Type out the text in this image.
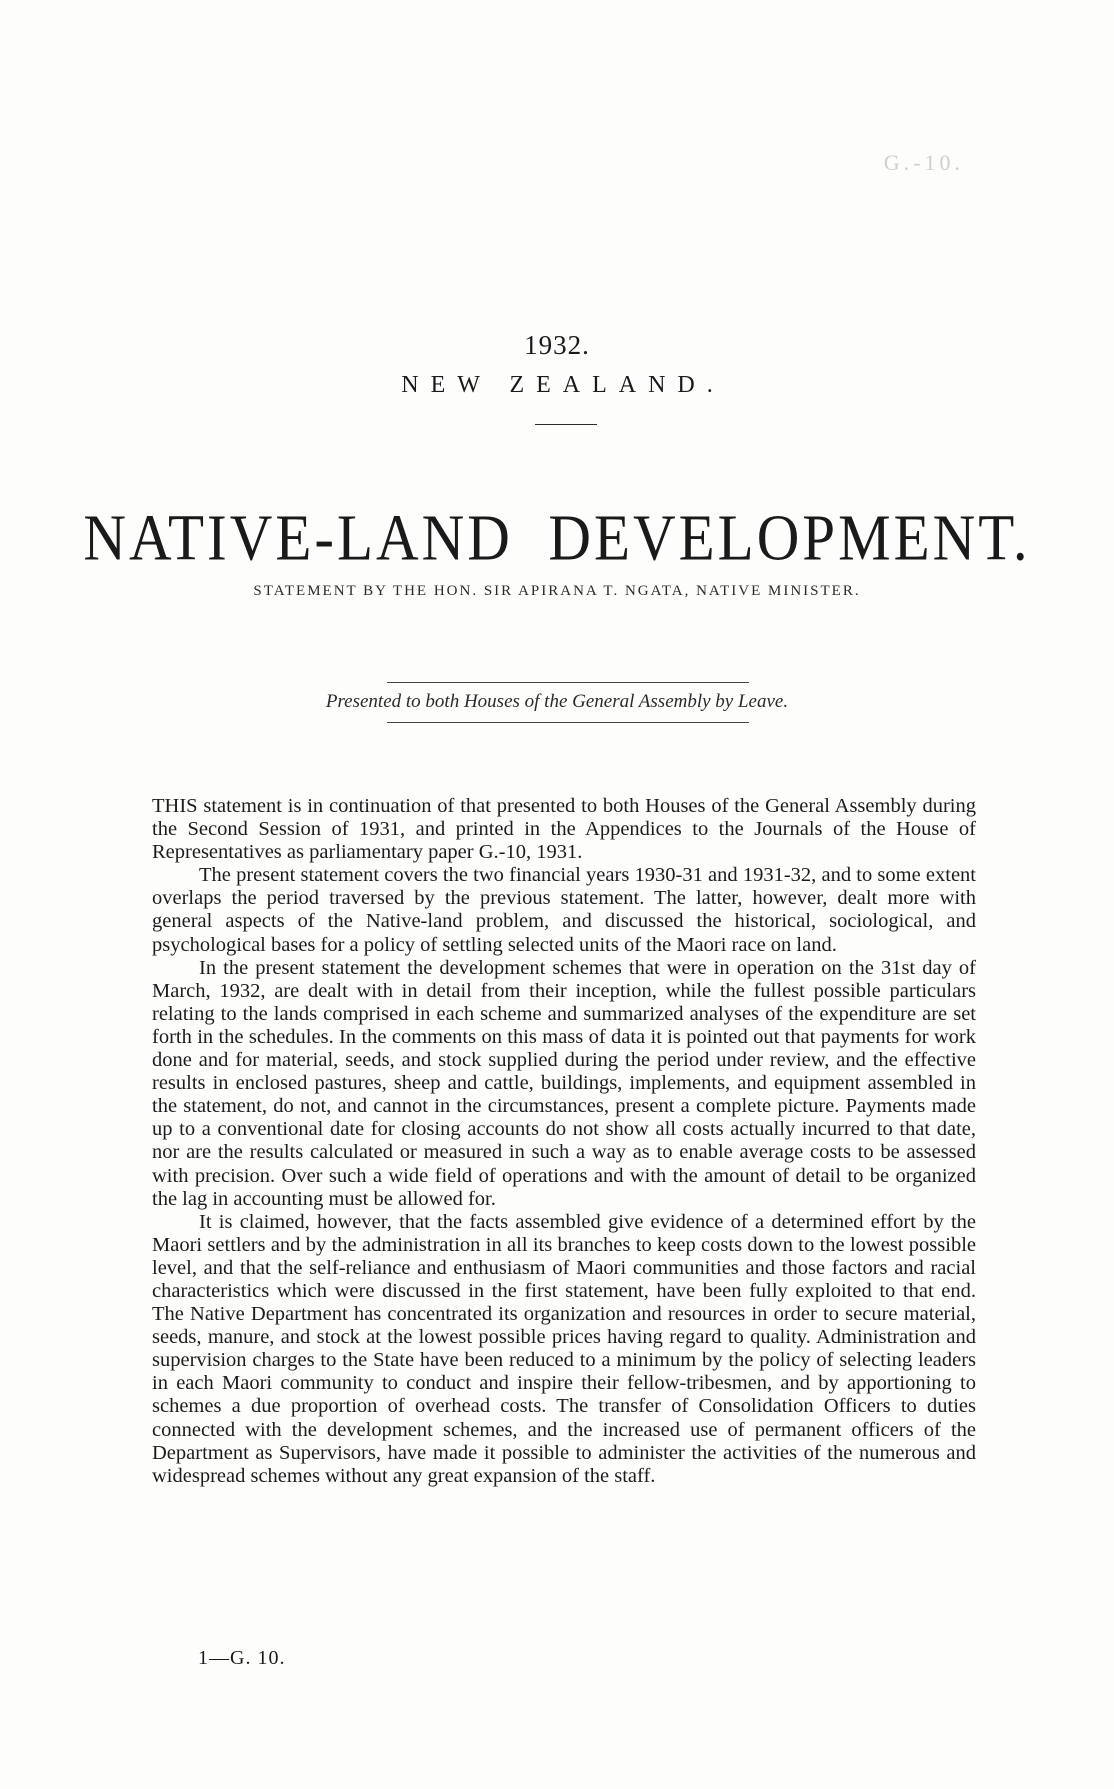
G.-10.
1932.
NEW ZEALAND.
NATIVE-LAND  DEVELOPMENT.
STATEMENT BY THE HON. SIR APIRANA T. NGATA, NATIVE MINISTER.
Presented to both Houses of the General Assembly by Leave.

THIS statement is in continuation of that presented to both Houses of the General Assembly during the Second Session of 1931, and printed in the Appendices to the Journals of the House of Representatives as parliamentary paper G.-10, 1931.

The present statement covers the two financial years 1930-31 and 1931-32, and to some extent overlaps the period traversed by the previous statement. The latter, however, dealt more with general aspects of the Native-land problem, and discussed the historical, sociological, and psychological bases for a policy of settling selected units of the Maori race on land.

In the present statement the development schemes that were in operation on the 31st day of March, 1932, are dealt with in detail from their inception, while the fullest possible particulars relating to the lands comprised in each scheme and summarized analyses of the expenditure are set forth in the schedules. In the comments on this mass of data it is pointed out that payments for work done and for material, seeds, and stock supplied during the period under review, and the effective results in enclosed pastures, sheep and cattle, buildings, implements, and equipment assembled in the statement, do not, and cannot in the circumstances, present a complete picture. Payments made up to a conventional date for closing accounts do not show all costs actually incurred to that date, nor are the results calculated or measured in such a way as to enable average costs to be assessed with precision. Over such a wide field of operations and with the amount of detail to be organized the lag in accounting must be allowed for.

It is claimed, however, that the facts assembled give evidence of a determined effort by the Maori settlers and by the administration in all its branches to keep costs down to the lowest possible level, and that the self-reliance and enthusiasm of Maori communities and those factors and racial characteristics which were discussed in the first statement, have been fully exploited to that end. The Native Department has concentrated its organization and resources in order to secure material, seeds, manure, and stock at the lowest possible prices having regard to quality. Administration and supervision charges to the State have been reduced to a minimum by the policy of selecting leaders in each Maori community to conduct and inspire their fellow-tribesmen, and by apportioning to schemes a due proportion of overhead costs. The transfer of Consolidation Officers to duties connected with the development schemes, and the increased use of permanent officers of the Department as Supervisors, have made it possible to administer the activities of the numerous and widespread schemes without any great expansion of the staff.

1—G. 10.
